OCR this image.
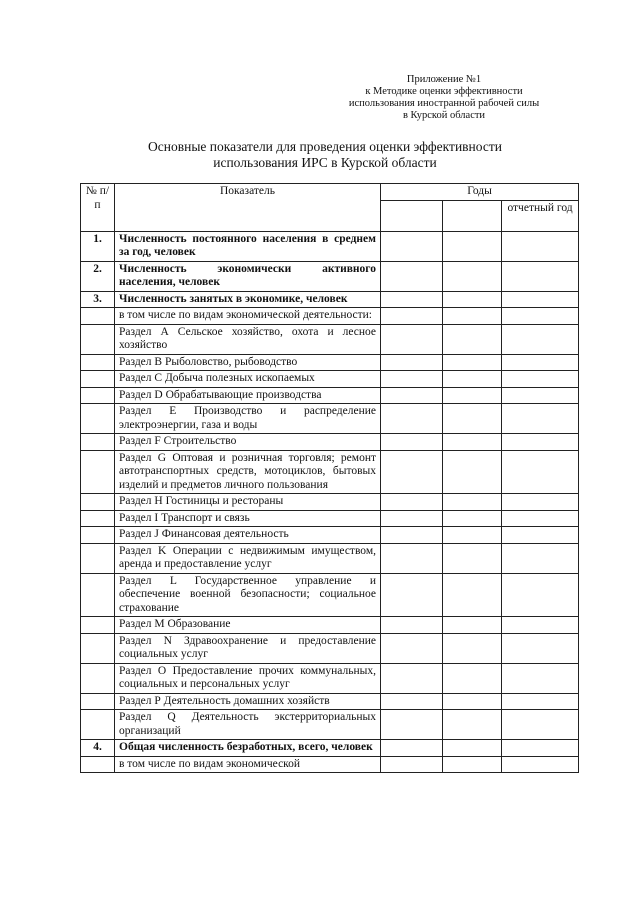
Приложение №1
к Методике оценки эффективности
использования иностранной рабочей силы
в Курской области
Основные показатели для проведения оценки эффективности
использования ИРС в Курской области
№ п/п	Показатель	Годы		
				отчетный год
1.	Численность постоянного населения в среднем за год, человек			
2.	Численность экономически активного населения, человек			
3.	Численность занятых в экономике, человек			
	в том числе по видам экономической деятельности:			
	Раздел А Сельское хозяйство, охота и лесное хозяйство			
	Раздел В Рыболовство, рыбоводство			
	Раздел С Добыча полезных ископаемых			
	Раздел D Обрабатывающие производства			
	Раздел Е Производство и распределение электроэнергии, газа и воды			
	Раздел F Строительство			
	Раздел G Оптовая и розничная торговля; ремонт автотранспортных средств, мотоциклов, бытовых изделий и предметов личного пользования			
	Раздел Н Гостиницы и рестораны			
	Раздел I Транспорт и связь			
	Раздел J Финансовая деятельность			
	Раздел K Операции с недвижимым имуществом, аренда и предоставление услуг			
	Раздел L Государственное управление и обеспечение военной безопасности; социальное страхование			
	Раздел М Образование			
	Раздел N Здравоохранение и предоставление социальных услуг			
	Раздел О Предоставление прочих коммунальных, социальных и персональных услуг			
	Раздел Р Деятельность домашних хозяйств			
	Раздел Q Деятельность экстерриториальных организаций			
4.	Общая численность безработных, всего, человек			
	в том числе по видам экономической			
